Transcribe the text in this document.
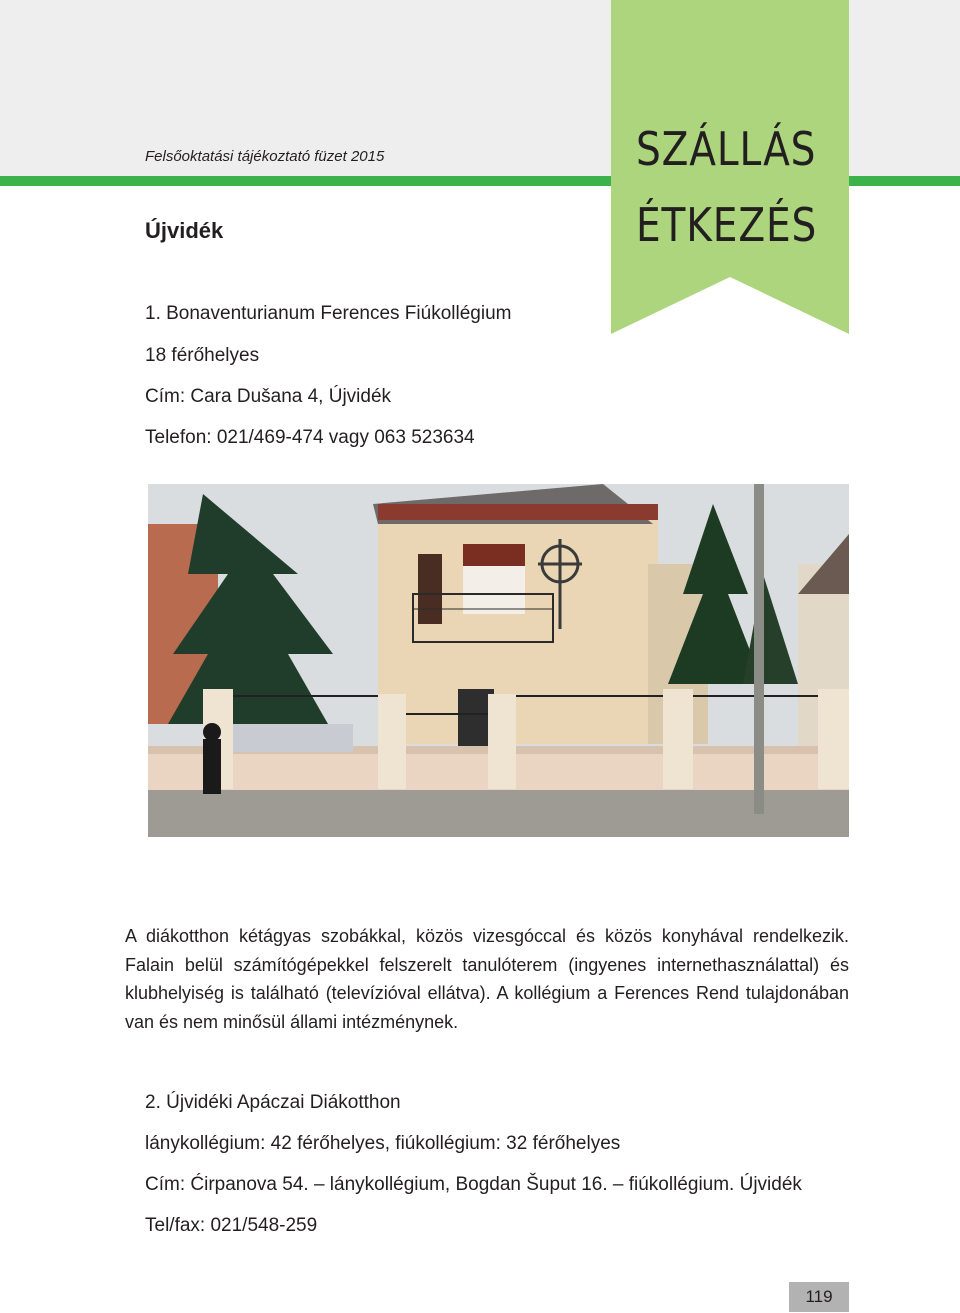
SZÁLLÁS
ÉTKEZÉS
Felsőoktatási tájékoztató füzet 2015
Újvidék
1. Bonaventurianum Ferences Fiúkollégium
18 férőhelyes
Cím: Cara Dušana 4, Újvidék
Telefon: 021/469-474 vagy 063 523634
A diákotthon kétágyas szobákkal, közös vizesgóccal és közös konyhával rendelkezik. Falain belül számítógépekkel felszerelt tanulóterem (ingyenes internethasználattal) és klubhelyiség is található (televízióval ellátva). A kollégium a Ferences Rend tulajdonában van és nem minősül állami intézménynek.
2. Újvidéki Apáczai Diákotthon
lánykollégium: 42 férőhelyes, fiúkollégium: 32 férőhelyes
Cím: Ćirpanova 54. – lánykollégium, Bogdan Šuput 16. – fiúkollégium. Újvidék
Tel/fax: 021/548-259
119
